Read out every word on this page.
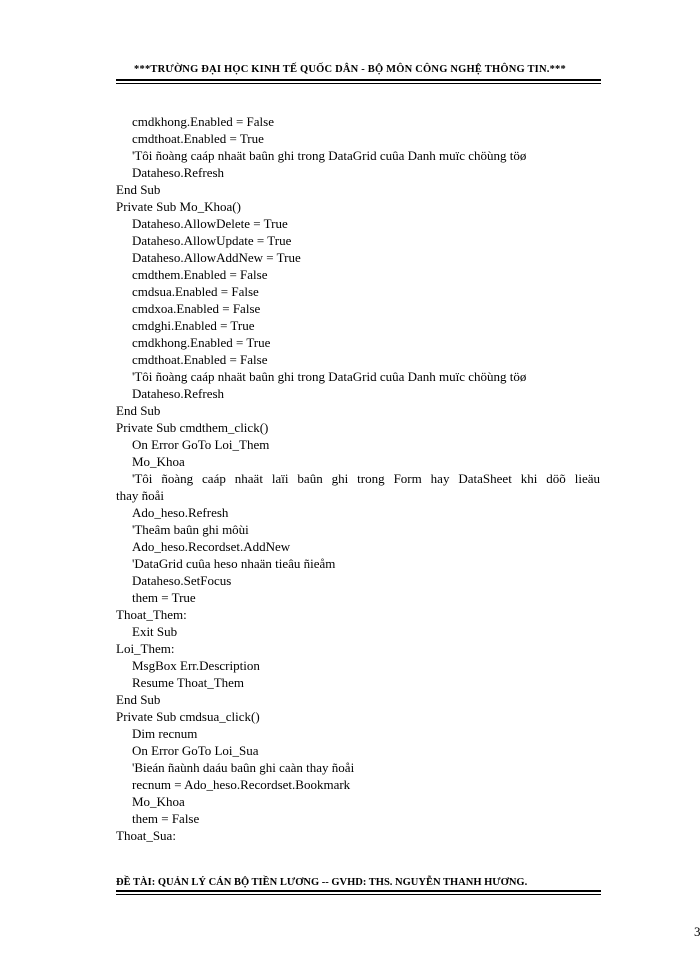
***TRƯỜNG ĐẠI HỌC KINH TẾ QUỐC DÂN - BỘ MÔN CÔNG NGHỆ THÔNG TIN.***
cmdkhong.Enabled = False
cmdthoat.Enabled = True
'Tôi ñoàng caáp nhaät baûn ghi trong DataGrid cuûa Danh muïc chöùng töø
Dataheso.Refresh
End Sub
Private Sub Mo_Khoa()
Dataheso.AllowDelete = True
Dataheso.AllowUpdate = True
Dataheso.AllowAddNew = True
cmdthem.Enabled = False
cmdsua.Enabled = False
cmdxoa.Enabled = False
cmdghi.Enabled = True
cmdkhong.Enabled = True
cmdthoat.Enabled = False
'Tôi ñoàng caáp nhaät baûn ghi trong DataGrid cuûa Danh muïc chöùng töø
Dataheso.Refresh
End Sub
Private Sub cmdthem_click()
On Error GoTo Loi_Them
Mo_Khoa
'Tôi ñoàng caáp nhaät laïi baûn ghi trong Form hay DataSheet khi döõ lieäu
thay ñoåi
Ado_heso.Refresh
'Theâm baûn ghi môùi
Ado_heso.Recordset.AddNew
'DataGrid cuûa heso nhaän tieâu ñieåm
Dataheso.SetFocus
them = True
Thoat_Them:
Exit Sub
Loi_Them:
MsgBox Err.Description
Resume Thoat_Them
End Sub
Private Sub cmdsua_click()
Dim recnum
On Error GoTo Loi_Sua
'Bieán ñaùnh daáu baûn ghi caàn thay ñoåi
recnum = Ado_heso.Recordset.Bookmark
Mo_Khoa
them = False
Thoat_Sua:
ĐỀ TÀI: QUẢN LÝ CÁN BỘ TIỀN LƯƠNG -- GVHD: THS. NGUYỄN THANH HƯƠNG.
3
